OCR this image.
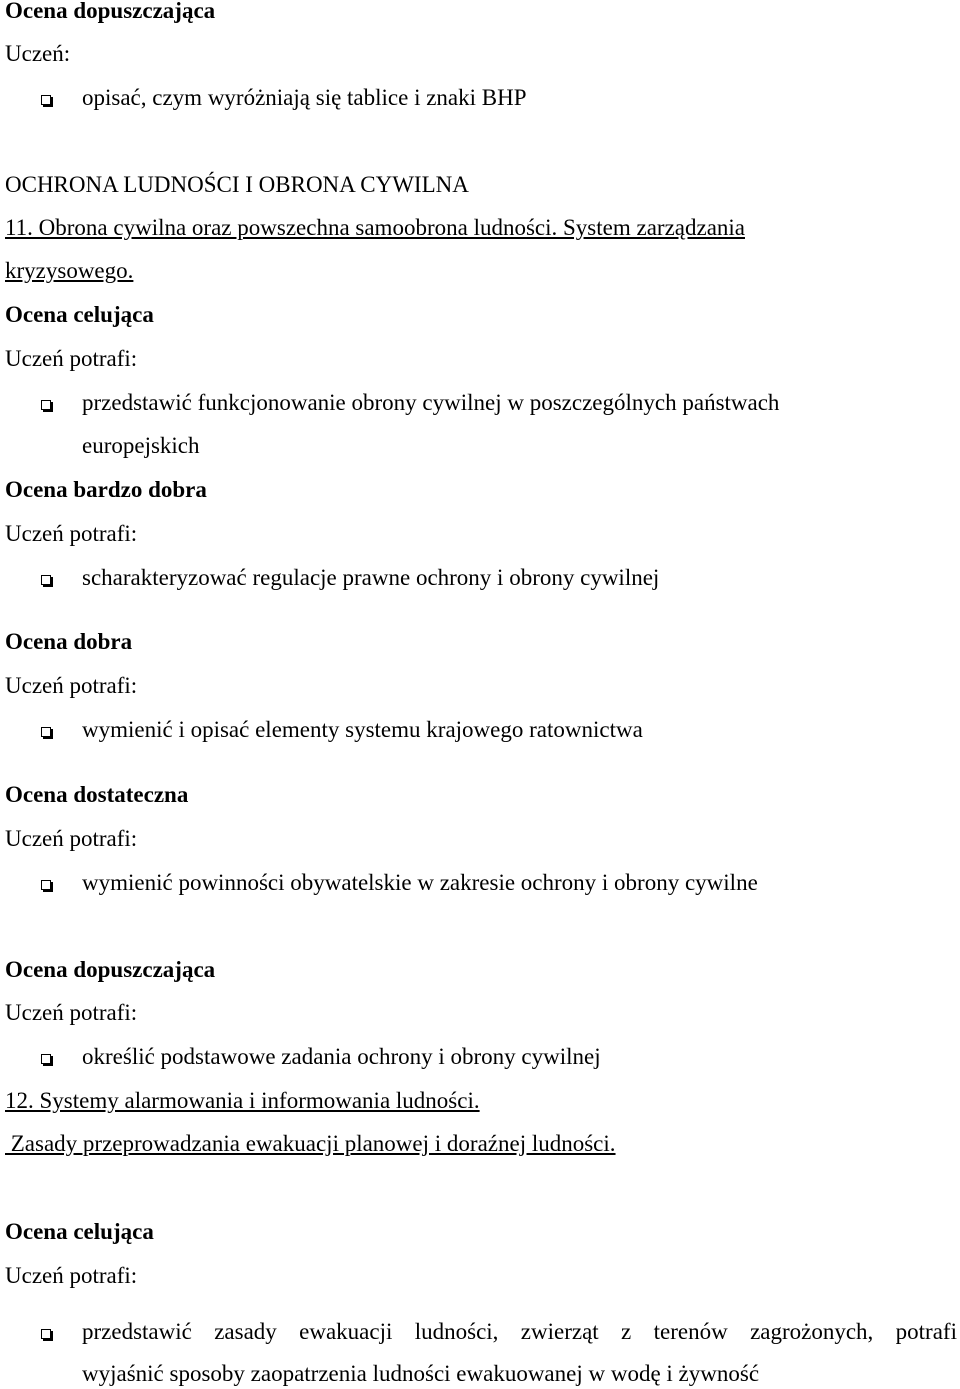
Ocena dopuszczająca
Uczeń:
opisać, czym wyróżniają się tablice i znaki BHP
OCHRONA LUDNOŚCI I OBRONA CYWILNA
11. Obrona cywilna oraz powszechna samoobrona ludności. System zarządzania
kryzysowego.
Ocena celująca
Uczeń potrafi:
przedstawić funkcjonowanie obrony cywilnej w poszczególnych państwach
europejskich
Ocena bardzo dobra
Uczeń potrafi:
scharakteryzować regulacje prawne ochrony i obrony cywilnej
Ocena dobra
Uczeń potrafi:
wymienić i opisać elementy systemu krajowego ratownictwa
Ocena dostateczna
Uczeń potrafi:
wymienić powinności obywatelskie w zakresie ochrony i obrony cywilne
Ocena dopuszczająca
Uczeń potrafi:
określić podstawowe zadania ochrony i obrony cywilnej
12. Systemy alarmowania i informowania ludności.
Zasady przeprowadzania ewakuacji planowej i doraźnej ludności.
Ocena celująca
Uczeń potrafi:
przedstawić zasady ewakuacji ludności, zwierząt z terenów zagrożonych, potrafi
wyjaśnić sposoby zaopatrzenia ludności ewakuowanej w wodę i żywność
